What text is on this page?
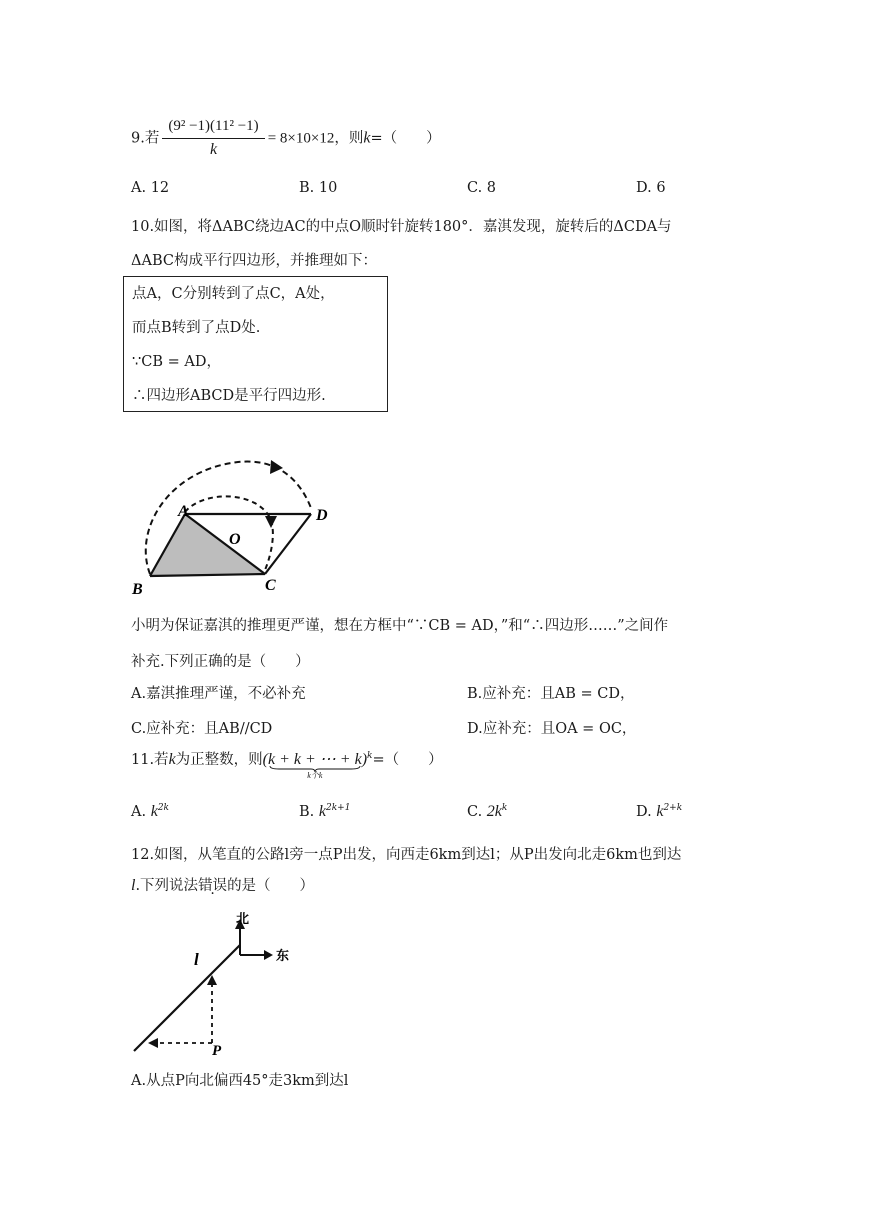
9.若 $\frac{\text{(9² −1)(11² −1)}}{k} = 8\times 10\times 12$，则k=（　　）
A. 12	B. 10	C. 8	D. 6
10.如图，将ΔABC绕边AC的中点O顺时针旋转180°．嘉淇发现，旋转后的ΔCDA与
ΔABC构成平行四边形，并推理如下：
点A，C分别转到了点C，A处，
而点B转到了点D处.
∵CB = AD，
∴四边形ABCD是平行四边形.
A
B	C
D
O
小明为保证嘉淇的推理更严谨，想在方框中“∵CB = AD，”和“∴四边形……”之间作
补充.下列正确的是（　　）
A.嘉淇推理严谨，不必补充	B.应补充：且AB = CD，
C.应补充：且AB//CD	D.应补充：且OA = OC，
11.若k为正整数，则(k + k + ⋯ + k)
k个k
$^k$=（　　）
A. $k^{2k}$	B. $k^{2k+1}$	C. $2k^k$	D. $k^{2+k}$
12.如图，从笔直的公路l旁一点P出发，向西走6km到达l；从P出发向北走6km也到达
l.下列说法错误的是（　　）
北
东
l
P
A.从点P向北偏西45°走3km到达l
